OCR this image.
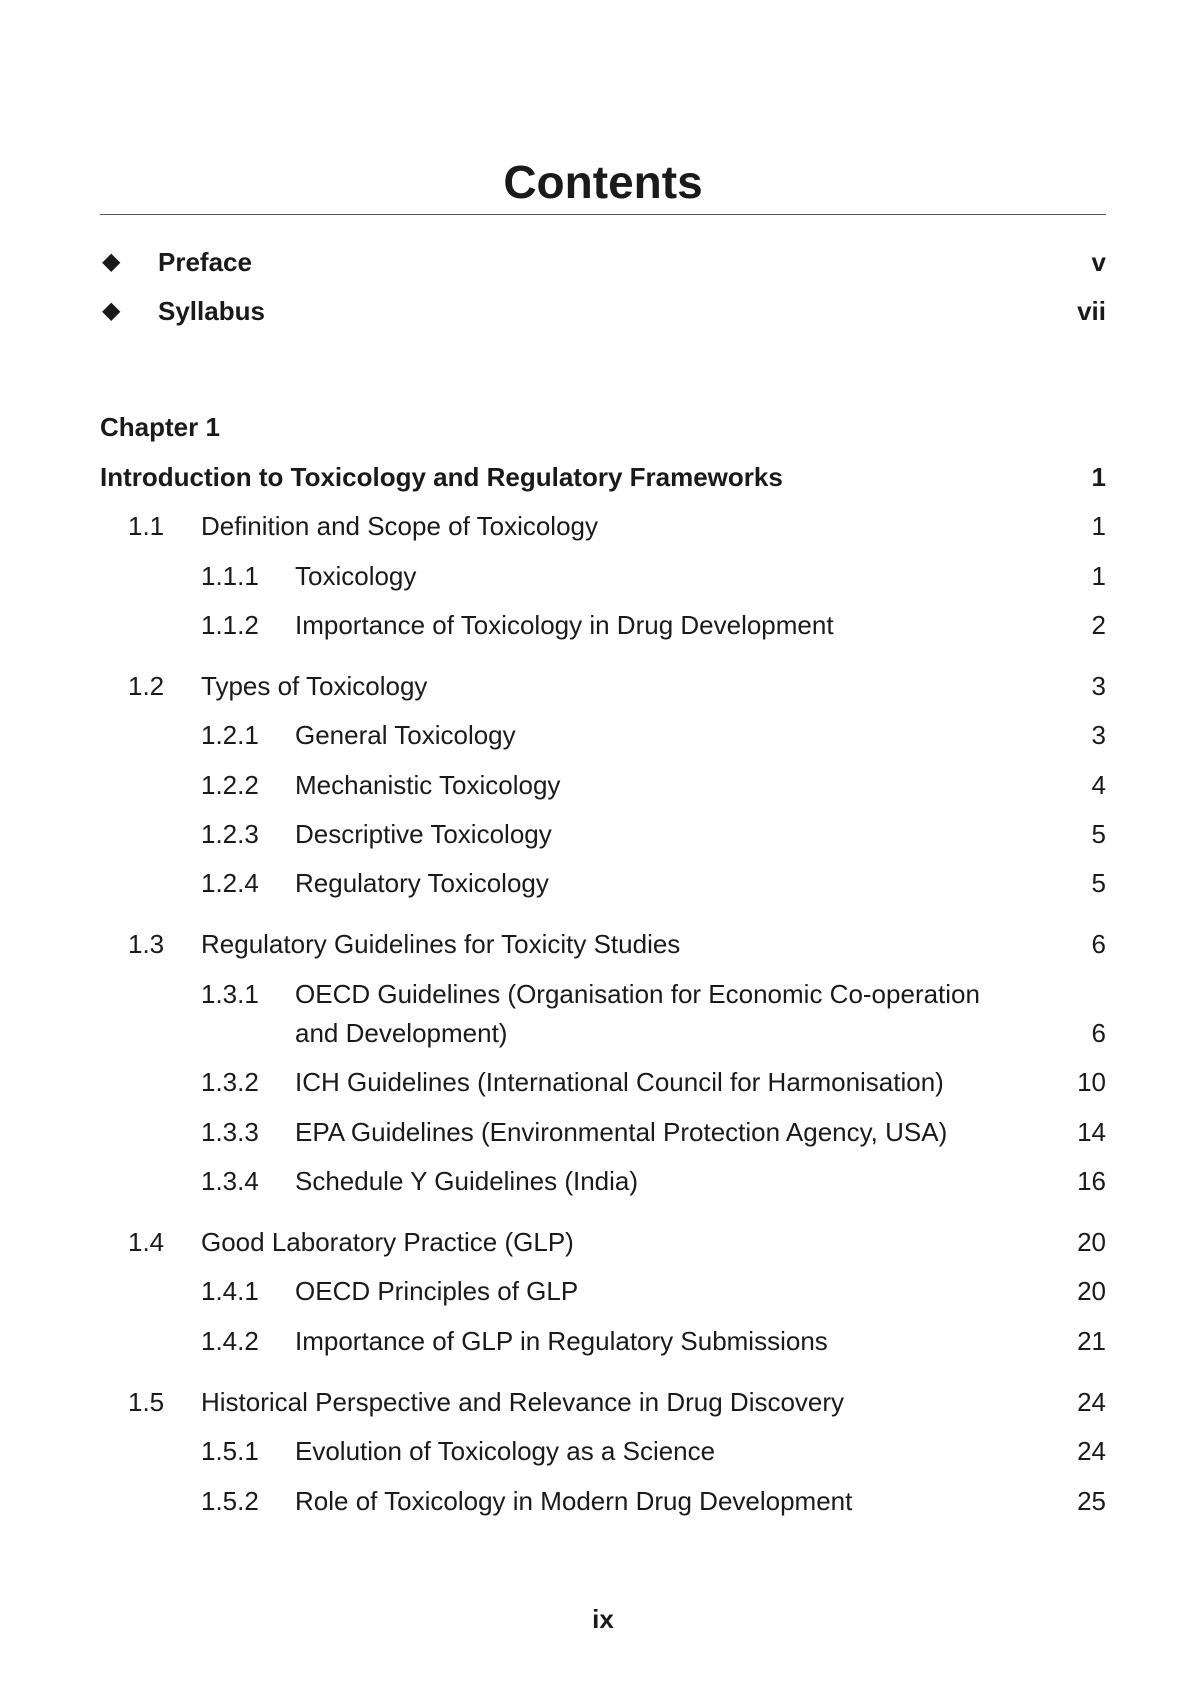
Contents
◆ Preface	v
◆ Syllabus	vii
Chapter 1
Introduction to Toxicology and Regulatory Frameworks	1
1.1 Definition and Scope of Toxicology	1
1.1.1 Toxicology	1
1.1.2 Importance of Toxicology in Drug Development	2
1.2 Types of Toxicology	3
1.2.1 General Toxicology	3
1.2.2 Mechanistic Toxicology	4
1.2.3 Descriptive Toxicology	5
1.2.4 Regulatory Toxicology	5
1.3 Regulatory Guidelines for Toxicity Studies	6
1.3.1 OECD Guidelines (Organisation for Economic Co-operation
and Development)	6
1.3.2 ICH Guidelines (International Council for Harmonisation)	10
1.3.3 EPA Guidelines (Environmental Protection Agency, USA)	14
1.3.4 Schedule Y Guidelines (India)	16
1.4 Good Laboratory Practice (GLP)	20
1.4.1 OECD Principles of GLP	20
1.4.2 Importance of GLP in Regulatory Submissions	21
1.5 Historical Perspective and Relevance in Drug Discovery	24
1.5.1 Evolution of Toxicology as a Science	24
1.5.2 Role of Toxicology in Modern Drug Development	25
ix
